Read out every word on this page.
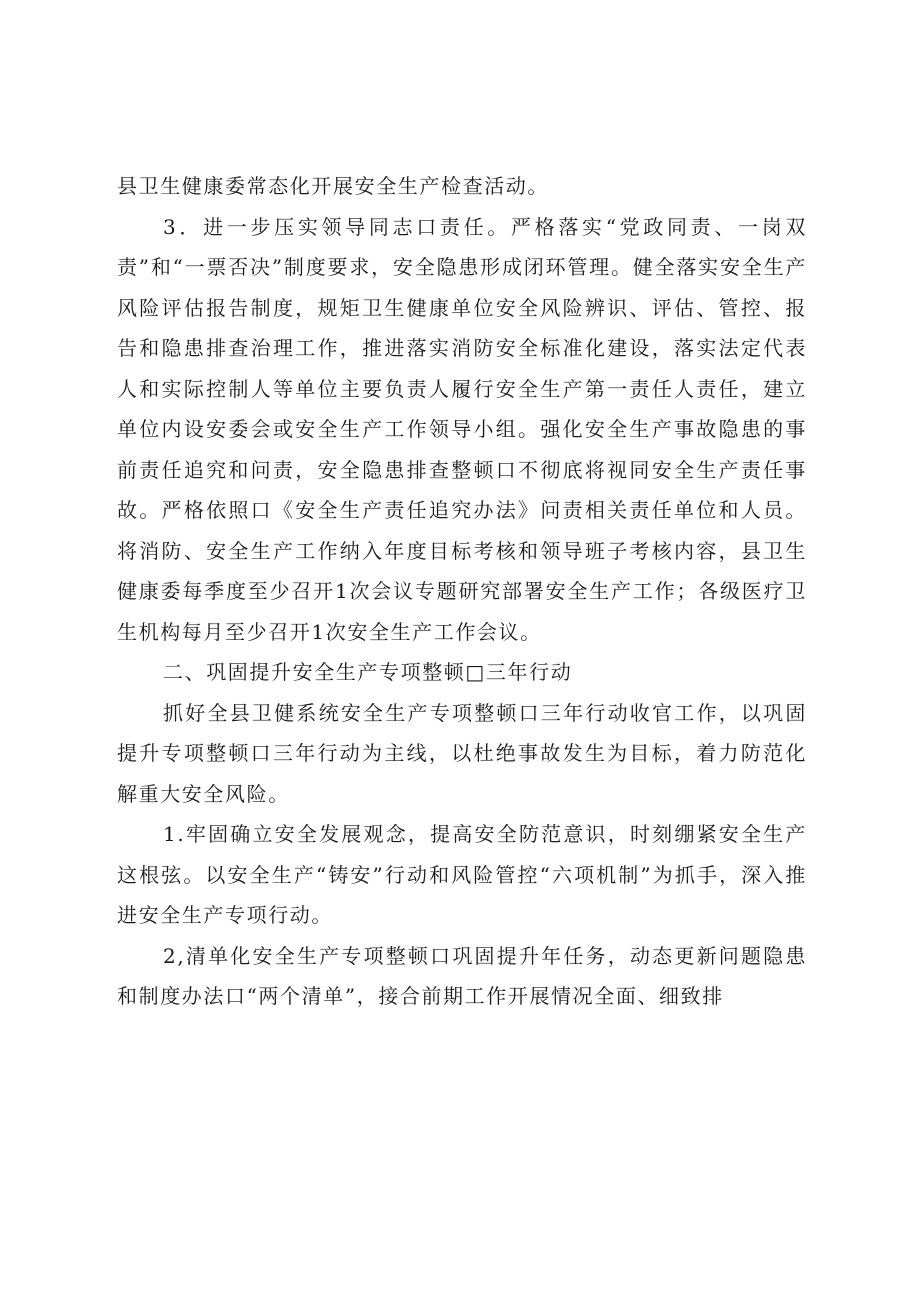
县卫生健康委常态化开展安全生产检查活动。

3．进一步压实领导同志口责任。严格落实“党政同责、一岗双责”和“一票否决”制度要求，安全隐患形成闭环管理。健全落实安全生产风险评估报告制度，规矩卫生健康单位安全风险辨识、评估、管控、报告和隐患排查治理工作，推进落实消防安全标准化建设，落实法定代表人和实际控制人等单位主要负责人履行安全生产第一责任人责任，建立单位内设安委会或安全生产工作领导小组。强化安全生产事故隐患的事前责任追究和问责，安全隐患排查整顿口不彻底将视同安全生产责任事故。严格依照口《安全生产责任追究办法》问责相关责任单位和人员。将消防、安全生产工作纳入年度目标考核和领导班子考核内容，县卫生健康委每季度至少召开1次会议专题研究部署安全生产工作；各级医疗卫生机构每月至少召开1次安全生产工作会议。

二、巩固提升安全生产专项整顿□三年行动

抓好全县卫健系统安全生产专项整顿口三年行动收官工作，以巩固提升专项整顿口三年行动为主线，以杜绝事故发生为目标，着力防范化解重大安全风险。

1.牢固确立安全发展观念，提高安全防范意识，时刻绷紧安全生产这根弦。以安全生产“铸安”行动和风险管控“六项机制”为抓手，深入推进安全生产专项行动。

2,清单化安全生产专项整顿口巩固提升年任务，动态更新问题隐患和制度办法口“两个清单”，接合前期工作开展情况全面、细致排
